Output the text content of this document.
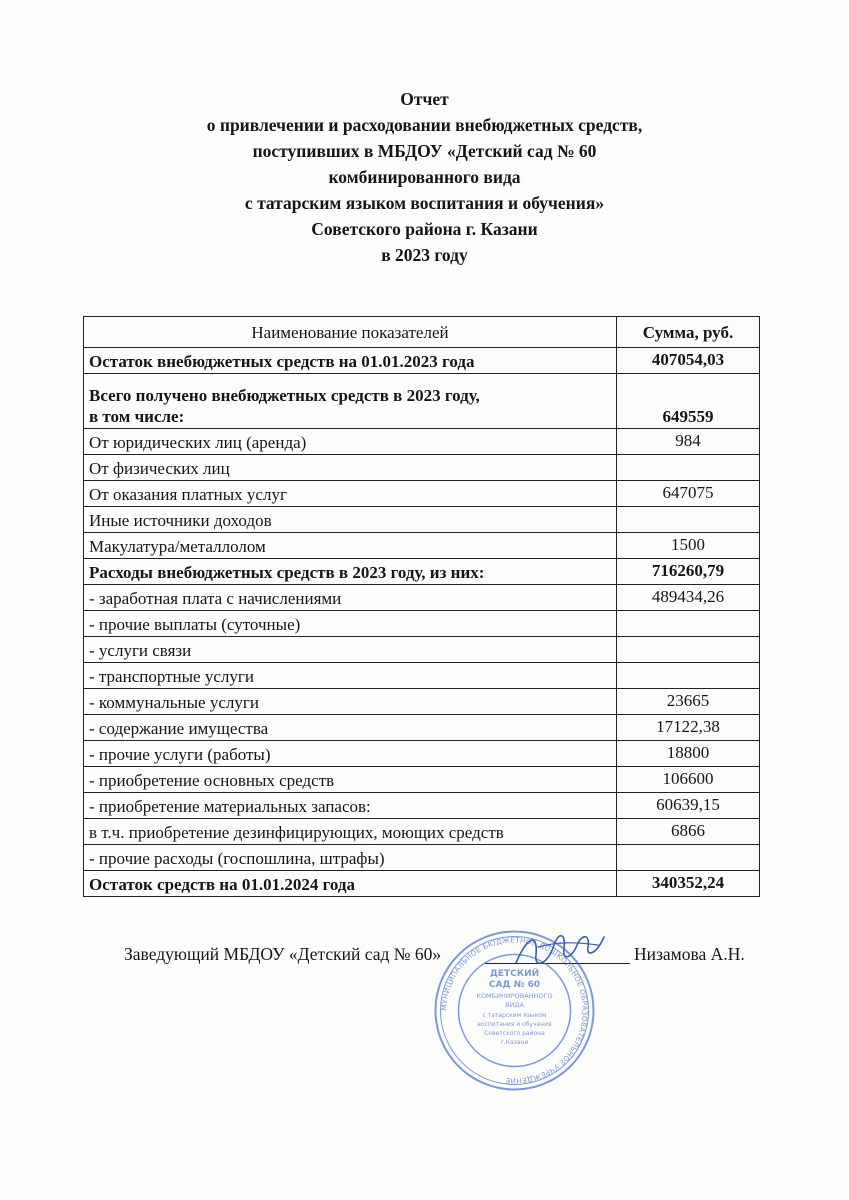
Отчет
о привлечении и расходовании внебюджетных средств,
поступивших в МБДОУ «Детский сад № 60
комбинированного вида
с татарским языком воспитания и обучения»
Советского района г. Казани
в 2023 году
Наименование показателей	Сумма, руб.
Остаток внебюджетных средств на 01.01.2023 года	407054,03
Всего получено внебюджетных средств в 2023 году,
в том числе:	649559
От юридических лиц (аренда)	984
От физических лиц	
От оказания платных услуг	647075
Иные источники доходов	
Макулатура/металлолом	1500
Расходы внебюджетных средств в 2023 году, из них:	716260,79
- заработная плата с начислениями	489434,26
- прочие выплаты (суточные)	
- услуги связи	
- транспортные услуги	
- коммунальные услуги	23665
- содержание имущества	17122,38
- прочие услуги (работы)	18800
- приобретение основных средств	106600
- приобретение материальных запасов:	60639,15
в т.ч. приобретение дезинфицирующих, моющих средств	6866
- прочие расходы (госпошлина, штрафы)	
Остаток средств на 01.01.2024 года	340352,24
Заведующий МБДОУ «Детский сад № 60»	Низамова А.Н.
МУНИЦИПАЛЬНОЕ БЮДЖЕТНОЕ ДОШКОЛЬНОЕ ОБРАЗОВАТЕЛЬНОЕ УЧРЕЖДЕНИЕ
ДЕТСКИЙ
САД № 60
КОМБИНИРОВАННОГО
ВИДА
с татарским языком
воспитания и обучения
Советского района
г.Казани
